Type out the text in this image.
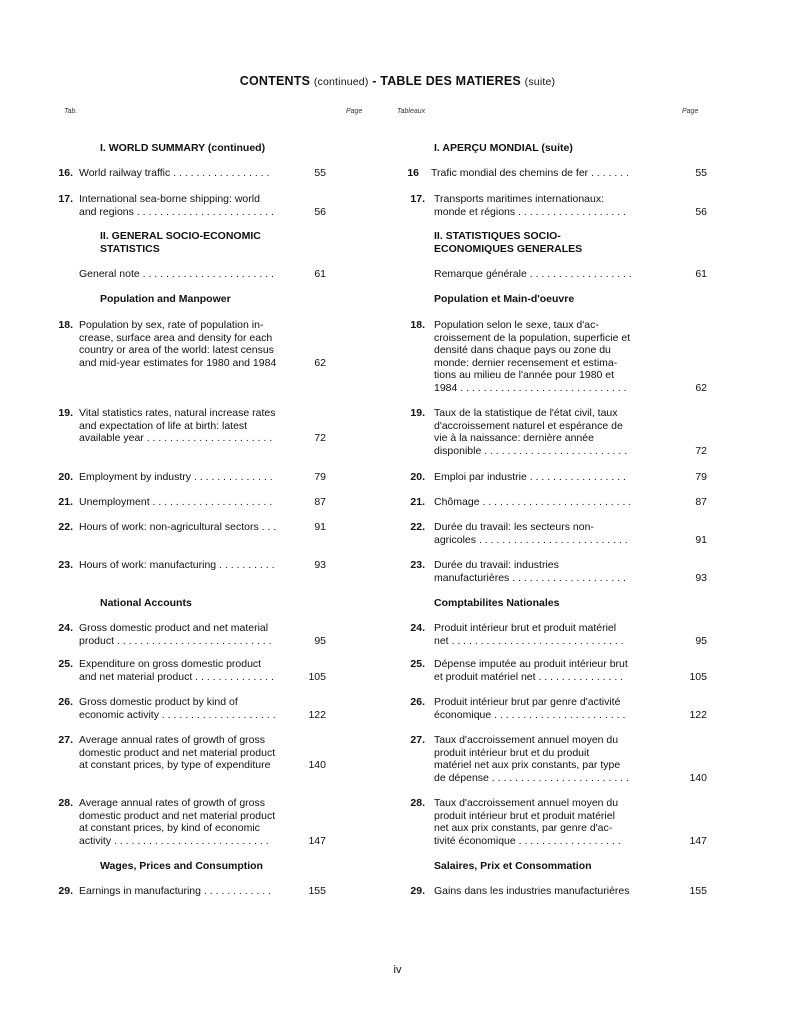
CONTENTS (continued) - TABLE DES MATIERES (suite)
Tab.	Page	Tableaux	Page
I. WORLD SUMMARY (continued)
16. World railway traffic . . . . . . . . . . . . . . . . .	55
17. International sea-borne shipping: world
and regions . . . . . . . . . . . . . . . . . . . . . . . .	56
II. GENERAL SOCIO-ECONOMIC
STATISTICS
General note . . . . . . . . . . . . . . . . . . . . . . .	61
Population and Manpower
18. Population by sex, rate of population in-
crease, surface area and density for each
country or area of the world: latest census
and mid-year estimates for 1980 and 1984	62
19. Vital statistics rates, natural increase rates
and expectation of life at birth: latest
available year . . . . . . . . . . . . . . . . . . . . . .	72
20. Employment by industry . . . . . . . . . . . . . .	79
21. Unemployment . . . . . . . . . . . . . . . . . . . . .	87
22. Hours of work: non-agricultural sectors . . .	91
23. Hours of work: manufacturing . . . . . . . . . .	93
National Accounts
24. Gross domestic product and net material
product . . . . . . . . . . . . . . . . . . . . . . . . . . .	95
25. Expenditure on gross domestic product
and net material product . . . . . . . . . . . . . .	105
26. Gross domestic product by kind of
economic activity . . . . . . . . . . . . . . . . . . . .	122
27. Average annual rates of growth of gross
domestic product and net material product
at constant prices, by type of expenditure	140
28. Average annual rates of growth of gross
domestic product and net material product
at constant prices, by kind of economic
activity . . . . . . . . . . . . . . . . . . . . . . . . . . .	147
Wages, Prices and Consumption
29. Earnings in manufacturing . . . . . . . . . . . .	155
I. APERÇU MONDIAL (suite)
16 Trafic mondial des chemins de fer . . . . . . .	55
17. Transports maritimes internationaux:
monde et régions . . . . . . . . . . . . . . . . . . .	56
II. STATISTIQUES SOCIO-
ECONOMIQUES GENERALES
Remarque générale . . . . . . . . . . . . . . . . . .	61
Population et Main-d'oeuvre
18. Population selon le sexe, taux d'ac-
croissement de la population, superficie et
densité dans chaque pays ou zone du
monde: dernier recensement et estima-
tions au milieu de l'année pour 1980 et
1984 . . . . . . . . . . . . . . . . . . . . . . . . . . . . .	62
19. Taux de la statistique de l'état civil, taux
d'accroissement naturel et espérance de
vie à la naissance: dernière année
disponible . . . . . . . . . . . . . . . . . . . . . . . . .	72
20. Emploi par industrie . . . . . . . . . . . . . . . . .	79
21. Chômage . . . . . . . . . . . . . . . . . . . . . . . . . .	87
22. Durée du travail: les secteurs non-
agricoles . . . . . . . . . . . . . . . . . . . . . . . . . .	91
23. Durée du travail: industries
manufacturières . . . . . . . . . . . . . . . . . . . .	93
Comptabilites Nationales
24. Produit intérieur brut et produit matériel
net . . . . . . . . . . . . . . . . . . . . . . . . . . . . . .	95
25. Dépense imputée au produit intérieur brut
et produit matériel net . . . . . . . . . . . . . . .	105
26. Produit intérieur brut par genre d'activité
économique . . . . . . . . . . . . . . . . . . . . . . .	122
27. Taux d'accroissement annuel moyen du
produit intérieur brut et du produit
matériel net aux prix constants, par type
de dépense . . . . . . . . . . . . . . . . . . . . . . . .	140
28. Taux d'accroissement annuel moyen du
produit intérieur brut et produit matériel
net aux prix constants, par genre d'ac-
tivité économique . . . . . . . . . . . . . . . . . .	147
Salaires, Prix et Consommation
29. Gains dans les industries manufacturières	155
iv
